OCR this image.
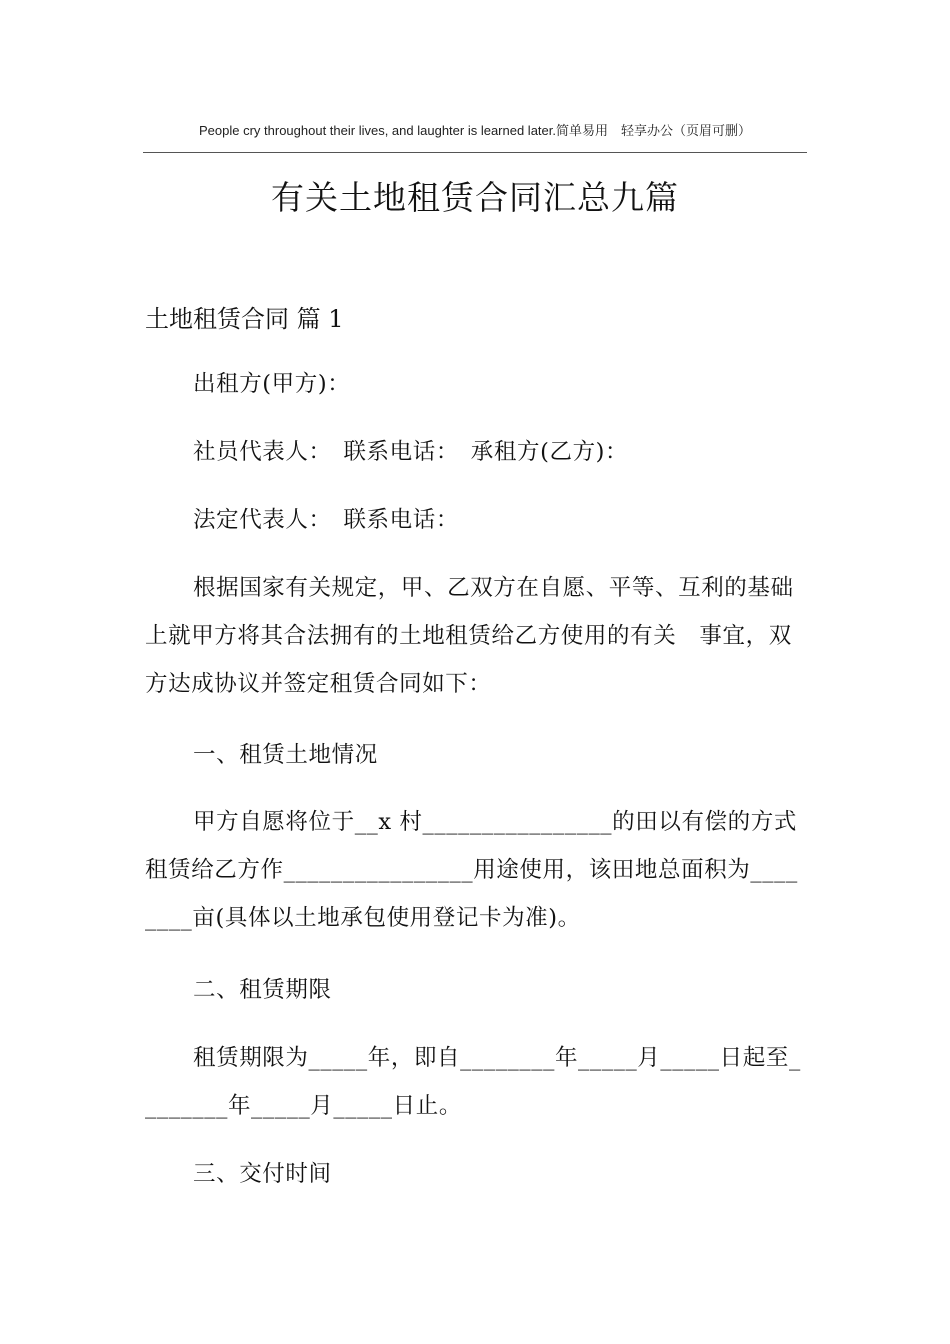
People cry throughout their lives, and laughter is learned later.简单易用　轻享办公（页眉可删）
有关土地租赁合同汇总九篇
土地租赁合同 篇 1
出租方(甲方)：
社员代表人：　联系电话：　承租方(乙方)：
法定代表人：　联系电话：
根据国家有关规定，甲、乙双方在自愿、平等、互利的基础上就甲方将其合法拥有的土地租赁给乙方使用的有关　事宜，双方达成协议并签定租赁合同如下：
一、租赁土地情况
甲方自愿将位于__x 村________________的田以有偿的方式租赁给乙方作________________用途使用，该田地总面积为________亩(具体以土地承包使用登记卡为准)。
二、租赁期限
租赁期限为_____年，即自________年_____月_____日起至________年_____月_____日止。
三、交付时间
